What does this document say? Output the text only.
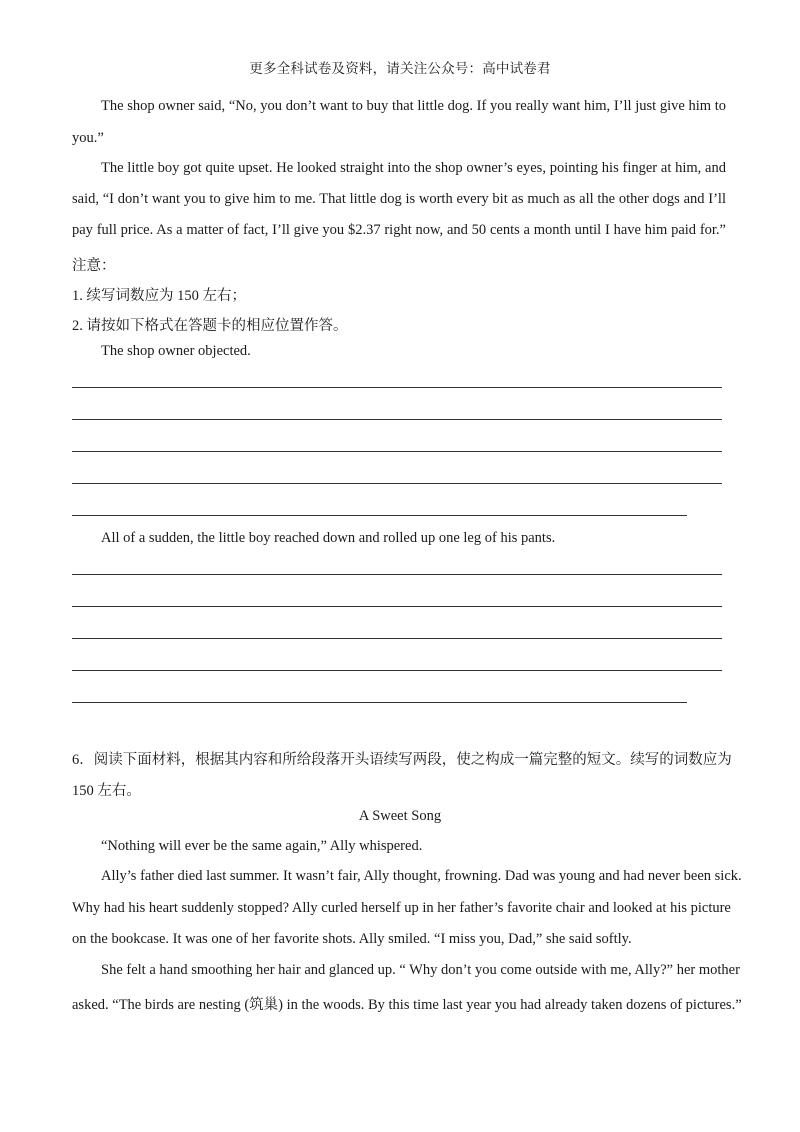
更多全科试卷及资料，请关注公众号：高中试卷君
The shop owner said, “No, you don’t want to buy that little dog. If you really want him, I’ll just give him to
you.”
The little boy got quite upset. He looked straight into the shop owner’s eyes, pointing his finger at him, and
said, “I don’t want you to give him to me. That little dog is worth every bit as much as all the other dogs and I’ll
pay full price. As a matter of fact, I’ll give you $2.37 right now, and 50 cents a month until I have him paid for.”
注意：
1. 续写词数应为 150 左右；
2. 请按如下格式在答题卡的相应位置作答。
The shop owner objected.
All of a sudden, the little boy reached down and rolled up one leg of his pants.
6．阅读下面材料，根据其内容和所给段落开头语续写两段，使之构成一篇完整的短文。续写的词数应为
150 左右。
A Sweet Song
“Nothing will ever be the same again,” Ally whispered.
Ally’s father died last summer. It wasn’t fair, Ally thought, frowning. Dad was young and had never been sick.
Why had his heart suddenly stopped? Ally curled herself up in her father’s favorite chair and looked at his picture
on the bookcase. It was one of her favorite shots. Ally smiled. “I miss you, Dad,” she said softly.
She felt a hand smoothing her hair and glanced up. “ Why don’t you come outside with me, Ally?” her mother
asked. “The birds are nesting (筑巢) in the woods. By this time last year you had already taken dozens of pictures.”
